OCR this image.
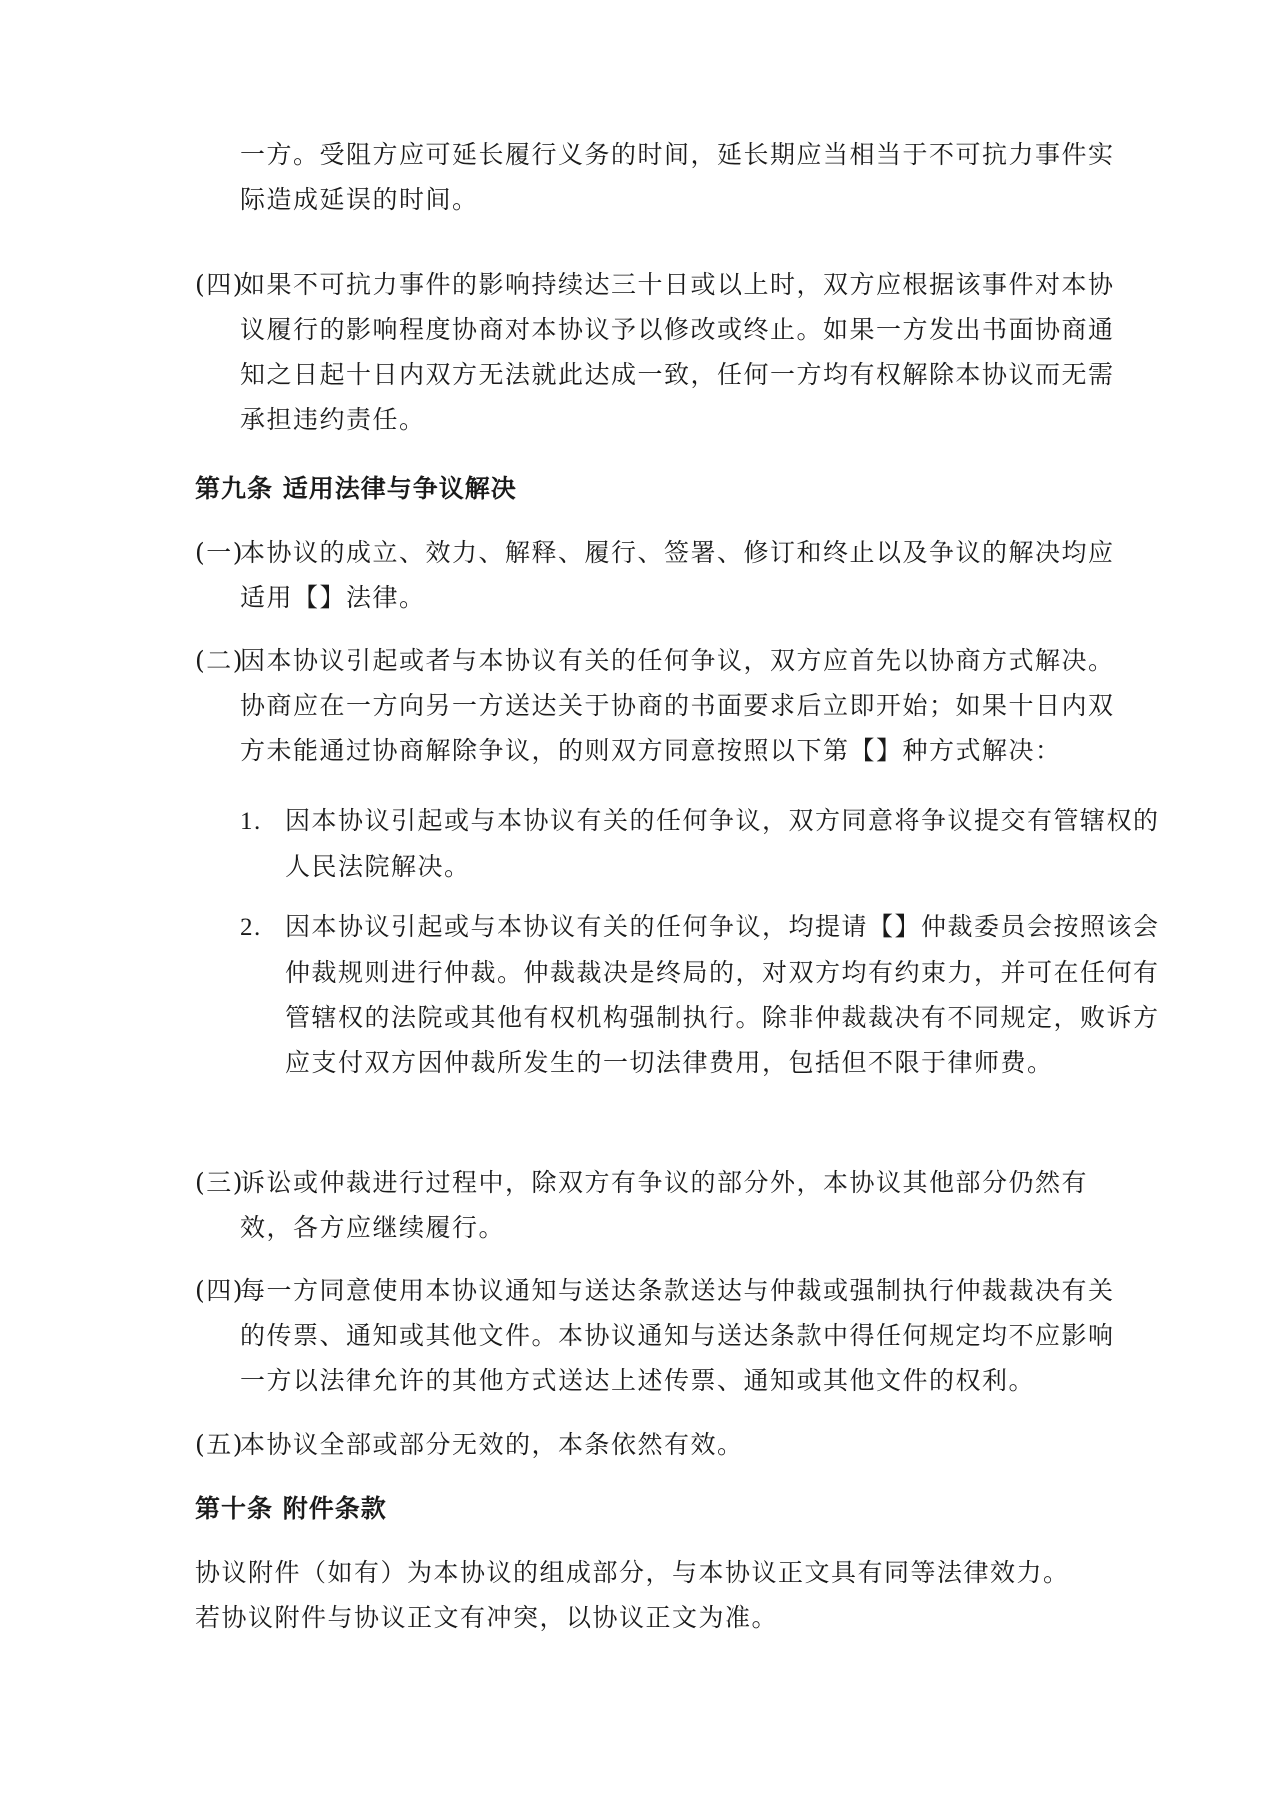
一方。受阻方应可延长履行义务的时间，延长期应当相当于不可抗力事件实际造成延误的时间。
(四)如果不可抗力事件的影响持续达三十日或以上时，双方应根据该事件对本协议履行的影响程度协商对本协议予以修改或终止。如果一方发出书面协商通知之日起十日内双方无法就此达成一致，任何一方均有权解除本协议而无需承担违约责任。
第九条 适用法律与争议解决
(一)本协议的成立、效力、解释、履行、签署、修订和终止以及争议的解决均应适用【】法律。
(二)因本协议引起或者与本协议有关的任何争议，双方应首先以协商方式解决。协商应在一方向另一方送达关于协商的书面要求后立即开始；如果十日内双方未能通过协商解除争议，的则双方同意按照以下第【】种方式解决：
1. 因本协议引起或与本协议有关的任何争议，双方同意将争议提交有管辖权的人民法院解决。
2. 因本协议引起或与本协议有关的任何争议，均提请【】仲裁委员会按照该会仲裁规则进行仲裁。仲裁裁决是终局的，对双方均有约束力，并可在任何有管辖权的法院或其他有权机构强制执行。除非仲裁裁决有不同规定，败诉方应支付双方因仲裁所发生的一切法律费用，包括但不限于律师费。
(三)诉讼或仲裁进行过程中，除双方有争议的部分外，本协议其他部分仍然有效，各方应继续履行。
(四)每一方同意使用本协议通知与送达条款送达与仲裁或强制执行仲裁裁决有关的传票、通知或其他文件。本协议通知与送达条款中得任何规定均不应影响一方以法律允许的其他方式送达上述传票、通知或其他文件的权利。
(五)本协议全部或部分无效的，本条依然有效。
第十条 附件条款
协议附件（如有）为本协议的组成部分，与本协议正文具有同等法律效力。若协议附件与协议正文有冲突，以协议正文为准。
